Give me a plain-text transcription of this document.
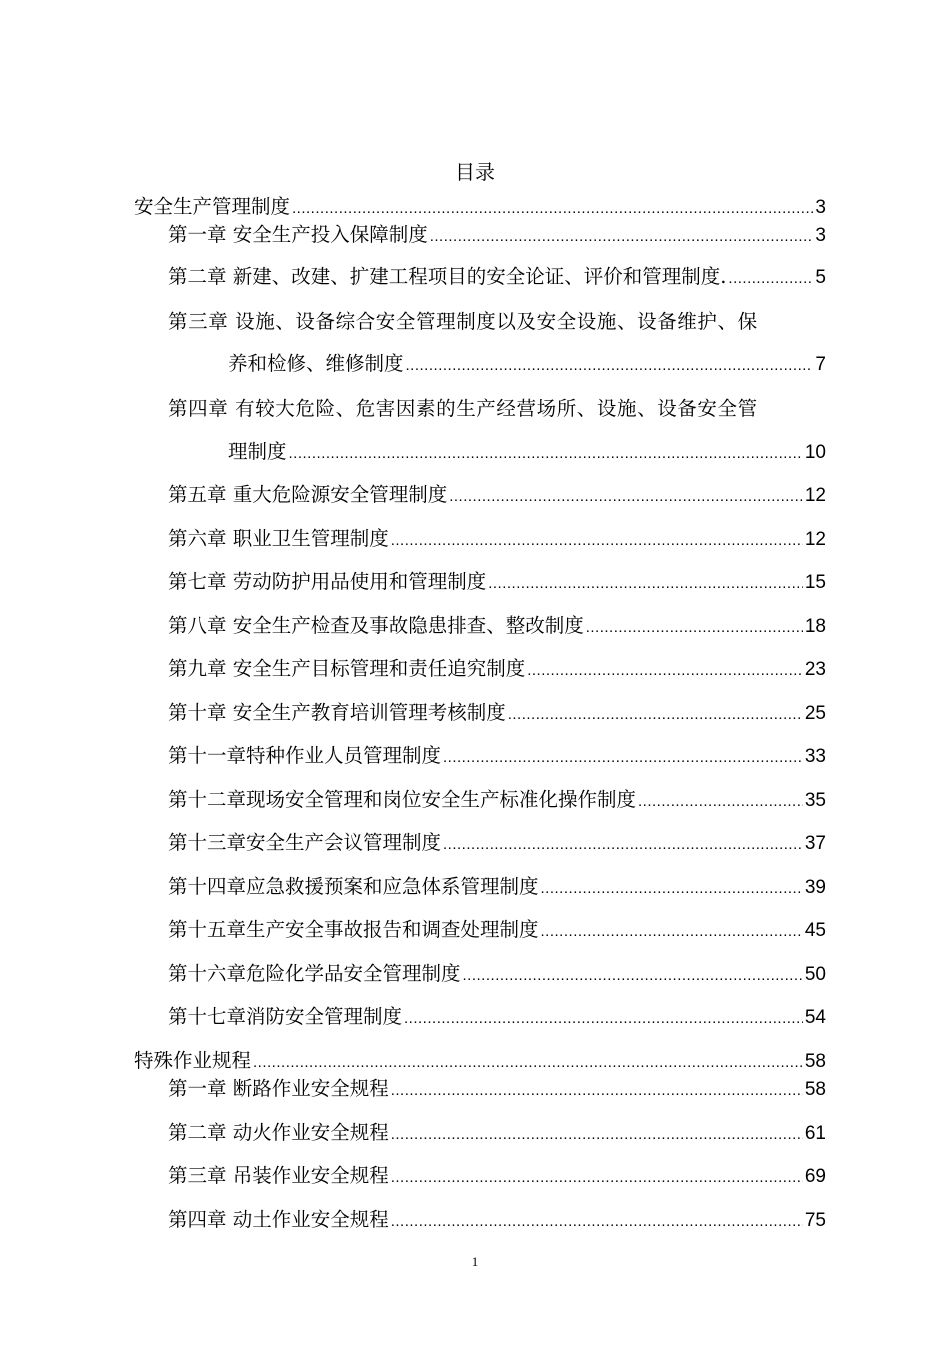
目录
安全生产管理制度 .....	3
第一章 安全生产投入保障制度 .....	3
第二章 新建、改建、扩建工程项目的安全论证、评价和管理制度. .....	5
第三章 设施、设备综合安全管理制度以及安全设施、设备维护、保
养和检修、维修制度 .....	7
第四章 有较大危险、危害因素的生产经营场所、设施、设备安全管
理制度 .....	10
第五章 重大危险源安全管理制度 .....	12
第六章 职业卫生管理制度 .....	12
第七章 劳动防护用品使用和管理制度 .....	15
第八章 安全生产检查及事故隐患排查、整改制度 .....	18
第九章 安全生产目标管理和责任追究制度 .....	23
第十章 安全生产教育培训管理考核制度 .....	25
第十一章特种作业人员管理制度 .....	33
第十二章现场安全管理和岗位安全生产标准化操作制度 .....	35
第十三章安全生产会议管理制度 .....	37
第十四章应急救援预案和应急体系管理制度 .....	39
第十五章生产安全事故报告和调查处理制度 .....	45
第十六章危险化学品安全管理制度 .....	50
第十七章消防安全管理制度 .....	54
特殊作业规程 .....	58
第一章 断路作业安全规程 .....	58
第二章 动火作业安全规程 .....	61
第三章 吊装作业安全规程 .....	69
第四章 动土作业安全规程 .....	75
1
